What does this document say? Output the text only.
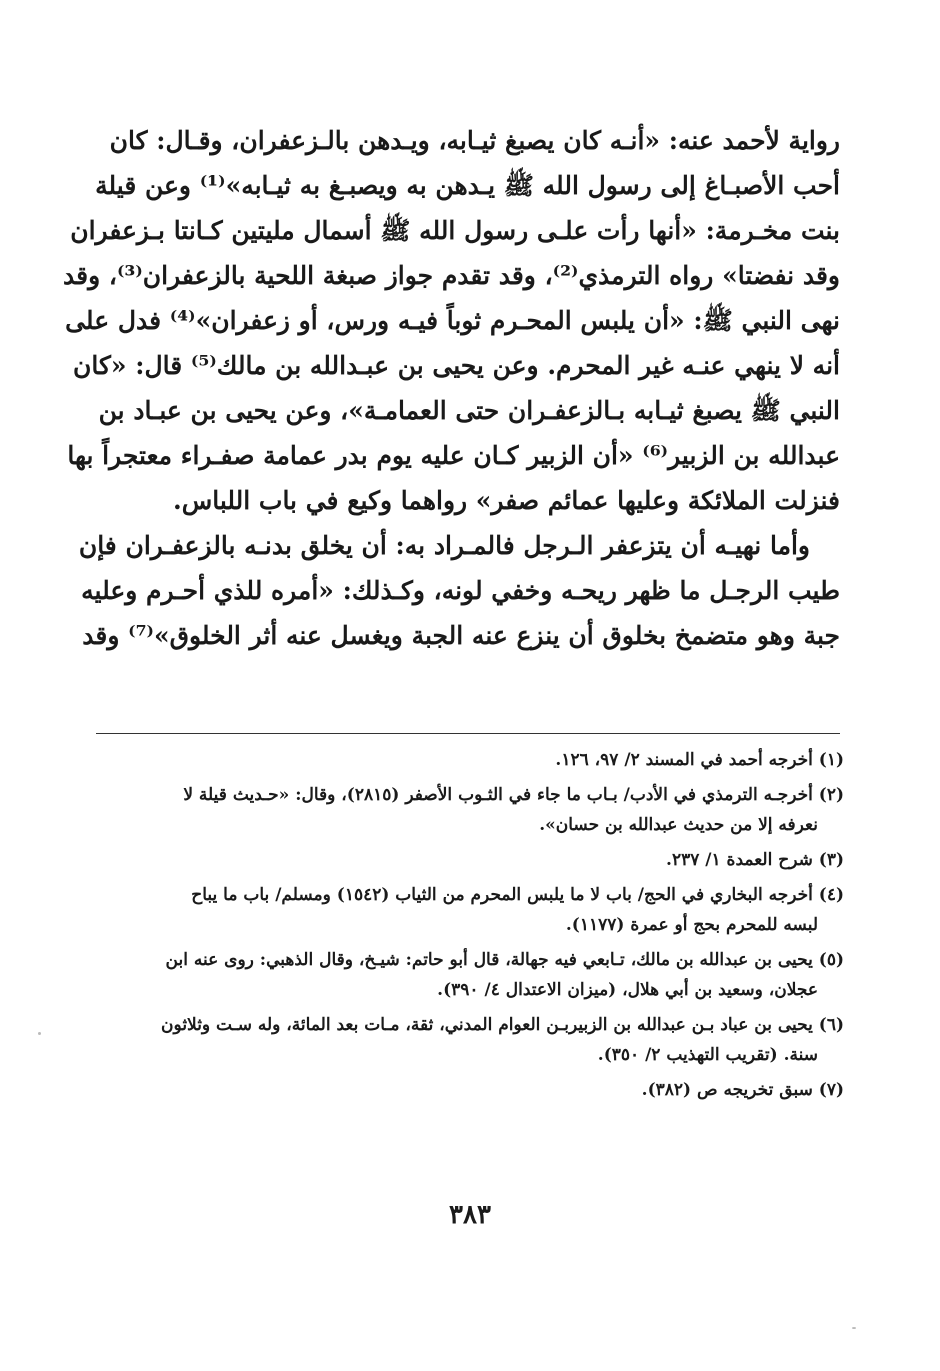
رواية لأحمد عنه: «أنـه كان يصبغ ثيـابه، ويـدهن بالـزعفران، وقـال: كان
أحب الأصبـاغ إلى رسول الله ﷺ يـدهن به ويصبـغ به ثيـابه»⁽¹⁾ وعن قيلة
بنت مخـرمة: «أنها رأت علـى رسول الله ﷺ أسمال مليتين كـانتا بـزعفران
وقد نفضتا» رواه الترمذي⁽²⁾، وقد تقدم جواز صبغة اللحية بالزعفران⁽³⁾، وقد
نهى النبي ﷺ: «أن يلبس المحـرم ثوباً فيـه ورس، أو زعفران»⁽⁴⁾ فدل على
أنه لا ينهي عنـه غير المحرم. وعن يحيى بن عبـدالله بن مالك⁽⁵⁾ قال: «كان
النبي ﷺ يصبغ ثيـابه بـالزعفـران حتى العمامـة»، وعن يحيى بن عبـاد بن
عبدالله بن الزبير⁽⁶⁾ «أن الزبير كـان عليه يوم بدر عمامة صفـراء معتجراً بها
فنزلت الملائكة وعليها عمائم صفر» رواهما وكيع في باب اللباس.
وأما نهيـه أن يتزعفر الـرجل فالمـراد به: أن يخلق بدنـه بالزعفـران فإن
طيب الرجـل ما ظهر ريحـه وخفي لونه، وكـذلك: «أمره للذي أحـرم وعليه
جبة وهو متضمخ بخلوق أن ينزع عنه الجبة ويغسل عنه أثر الخلوق»⁽⁷⁾ وقد
(١) أخرجه أحمد في المسند ٢/ ٩٧، ١٢٦.
(٢) أخرجـه الترمذي في الأدب/ بـاب ما جاء في الثـوب الأصفر (٢٨١٥)، وقال: «حـديث قيلة لا
نعرفه إلا من حديث عبدالله بن حسان».
(٣) شرح العمدة ١/ ٢٣٧.
(٤) أخرجه البخاري في الحج/ باب لا ما يلبس المحرم من الثياب (١٥٤٢) ومسلم/ باب ما يباح
لبسه للمحرم بحج أو عمرة (١١٧٧).
(٥) يحيى بن عبدالله بن مالك، تـابعي فيه جهالة، قال أبو حاتم: شيـخ، وقال الذهبي: روى عنه ابن
عجلان، وسعيد بن أبي هلال، (ميزان الاعتدال ٤/ ٣٩٠).
(٦) يحيى بن عباد بـن عبدالله بن الزبيربـن العوام المدني، ثقة، مـات بعد المائة، وله سـت وثلاثون
سنة. (تقريب التهذيب ٢/ ٣٥٠).
(٧) سبق تخريجه ص (٣٨٢).
٣٨٣
